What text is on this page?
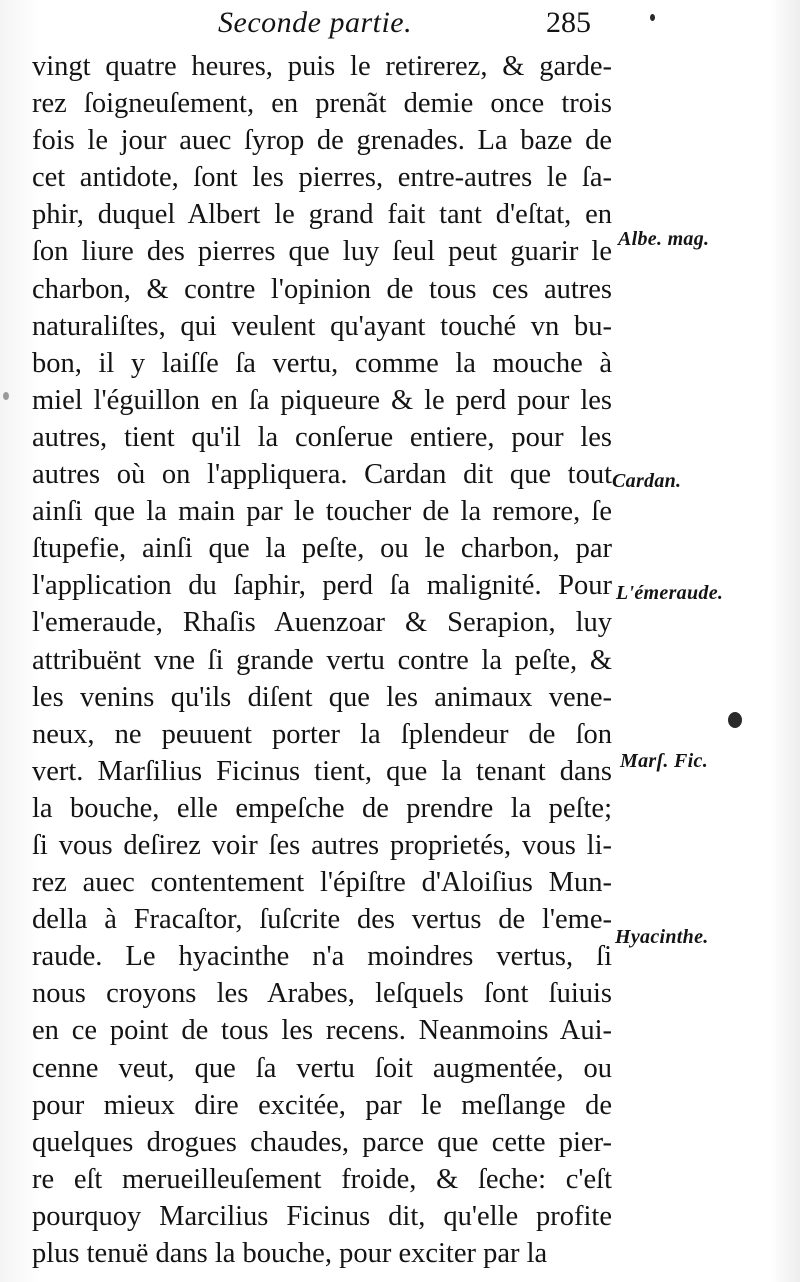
Seconde partie.	285
vingt quatre heures, puis le retirerez, & garde-
rez ſoigneuſement, en prenãt demie once trois
fois le jour auec ſyrop de grenades. La baze de
cet antidote, ſont les pierres, entre-autres le ſa-
phir, duquel Albert le grand fait tant d'eſtat, en
ſon liure des pierres que luy ſeul peut guarir le
charbon, & contre l'opinion de tous ces autres
naturaliſtes, qui veulent qu'ayant touché vn bu-
bon, il y laiſſe ſa vertu, comme la mouche à
miel l'éguillon en ſa piqueure & le perd pour les
autres, tient qu'il la conſerue entiere, pour les
autres où on l'appliquera. Cardan dit que tout
ainſi que la main par le toucher de la remore, ſe
ſtupefie, ainſi que la peſte, ou le charbon, par
l'application du ſaphir, perd ſa malignité. Pour
l'emeraude, Rhaſis Auenzoar & Serapion, luy
attribuënt vne ſi grande vertu contre la peſte, &
les venins qu'ils diſent que les animaux vene-
neux, ne peuuent porter la ſplendeur de ſon
vert. Marſilius Ficinus tient, que la tenant dans
la bouche, elle empeſche de prendre la peſte;
ſi vous deſirez voir ſes autres proprietés, vous li-
rez auec contentement l'épiſtre d'Aloiſius Mun-
della à Fracaſtor, ſuſcrite des vertus de l'eme-
raude. Le hyacinthe n'a moindres vertus, ſi
nous croyons les Arabes, leſquels ſont ſuiuis
en ce point de tous les recens. Neanmoins Aui-
cenne veut, que ſa vertu ſoit augmentée, ou
pour mieux dire excitée, par le meſlange de
quelques drogues chaudes, parce que cette pier-
re eſt merueilleuſement froide, & ſeche: c'eſt
pourquoy Marcilius Ficinus dit, qu'elle profite
plus tenuë dans la bouche, pour exciter par la
Albe. mag.
Cardan.
L'émeraude.
Marſ. Fic.
Hyacinthe.
